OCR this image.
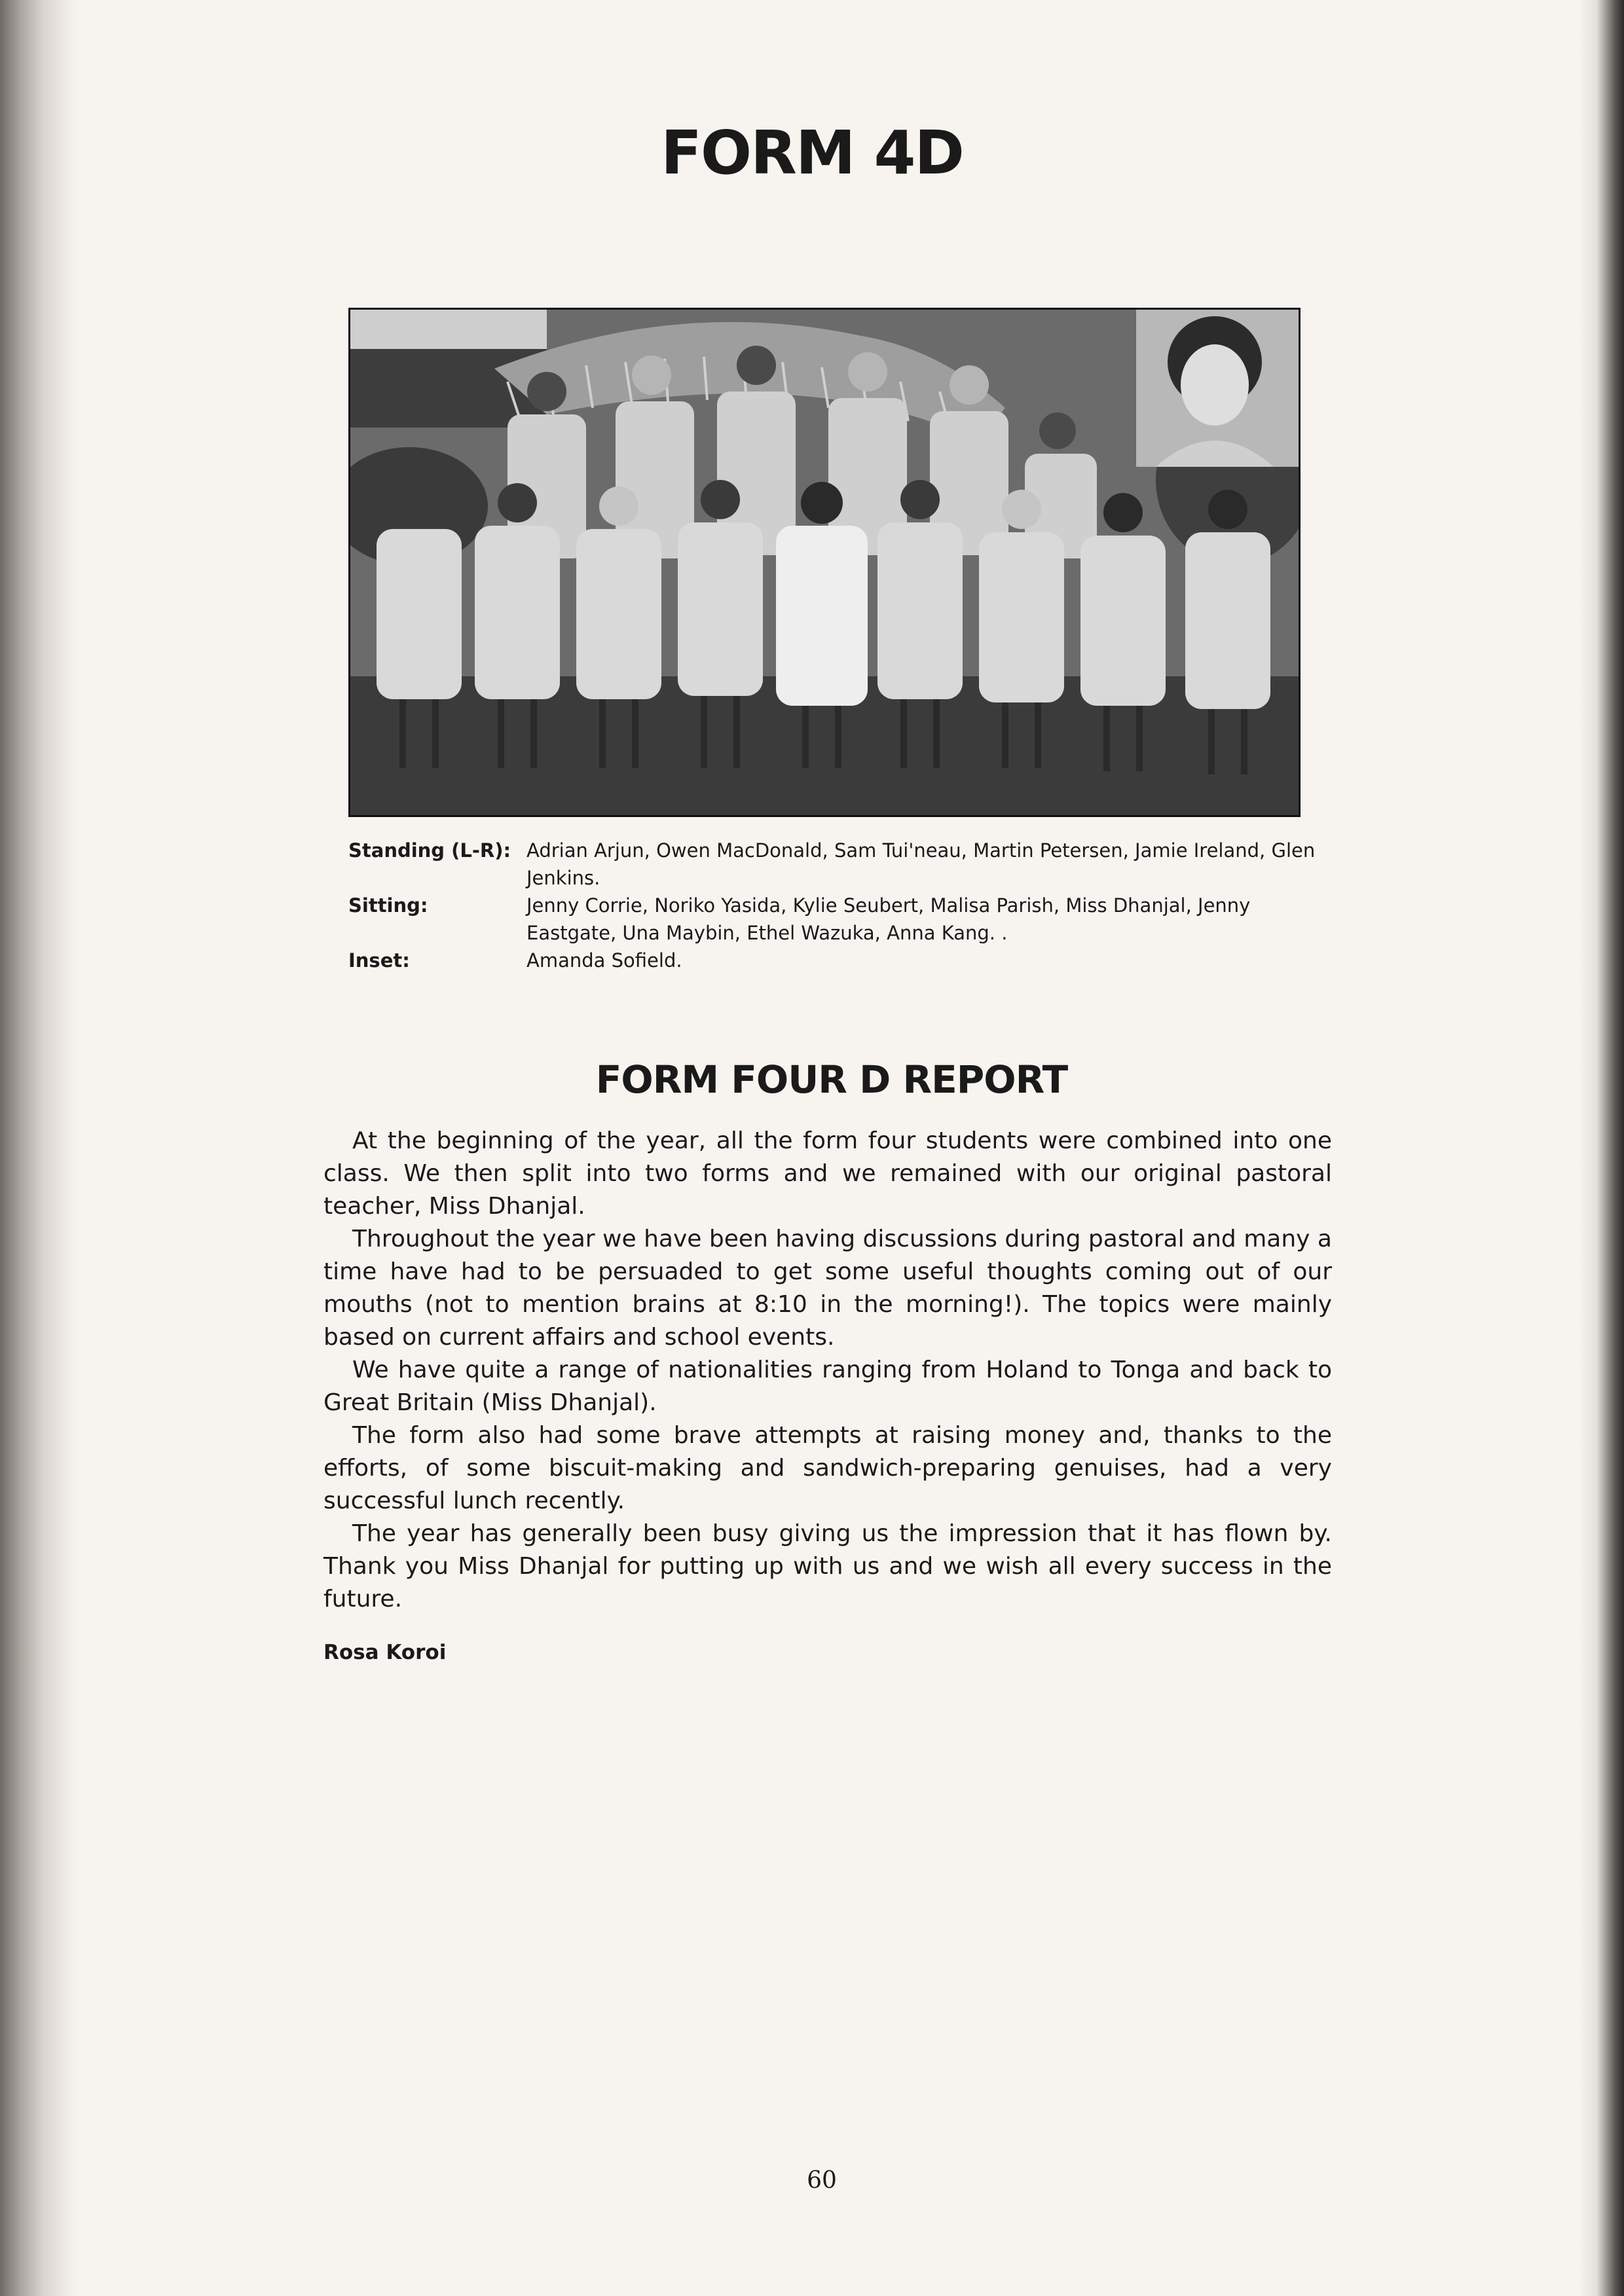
FORM 4D
Standing (L-R): Adrian Arjun, Owen MacDonald, Sam Tui'neau, Martin Petersen, Jamie Ireland, Glen Jenkins.
Sitting:	Jenny Corrie, Noriko Yasida, Kylie Seubert, Malisa Parish, Miss Dhanjal, Jenny Eastgate, Una Maybin, Ethel Wazuka, Anna Kang. .
Inset:	Amanda Sofield.
FORM FOUR D REPORT

At the beginning of the year, all the form four students were combined into one class. We then split into two forms and we remained with our original pastoral teacher, Miss Dhanjal.

Throughout the year we have been having discussions during pastoral and many a time have had to be persuaded to get some useful thoughts coming out of our mouths (not to mention brains at 8:10 in the morning!). The topics were mainly based on current affairs and school events.

We have quite a range of nationalities ranging from Holand to Tonga and back to Great Britain (Miss Dhanjal).

The form also had some brave attempts at raising money and, thanks to the efforts, of some biscuit-making and sandwich-preparing genuises, had a very successful lunch recently.

The year has generally been busy giving us the impression that it has flown by. Thank you Miss Dhanjal for putting up with us and we wish all every success in the future.

Rosa Koroi
60
